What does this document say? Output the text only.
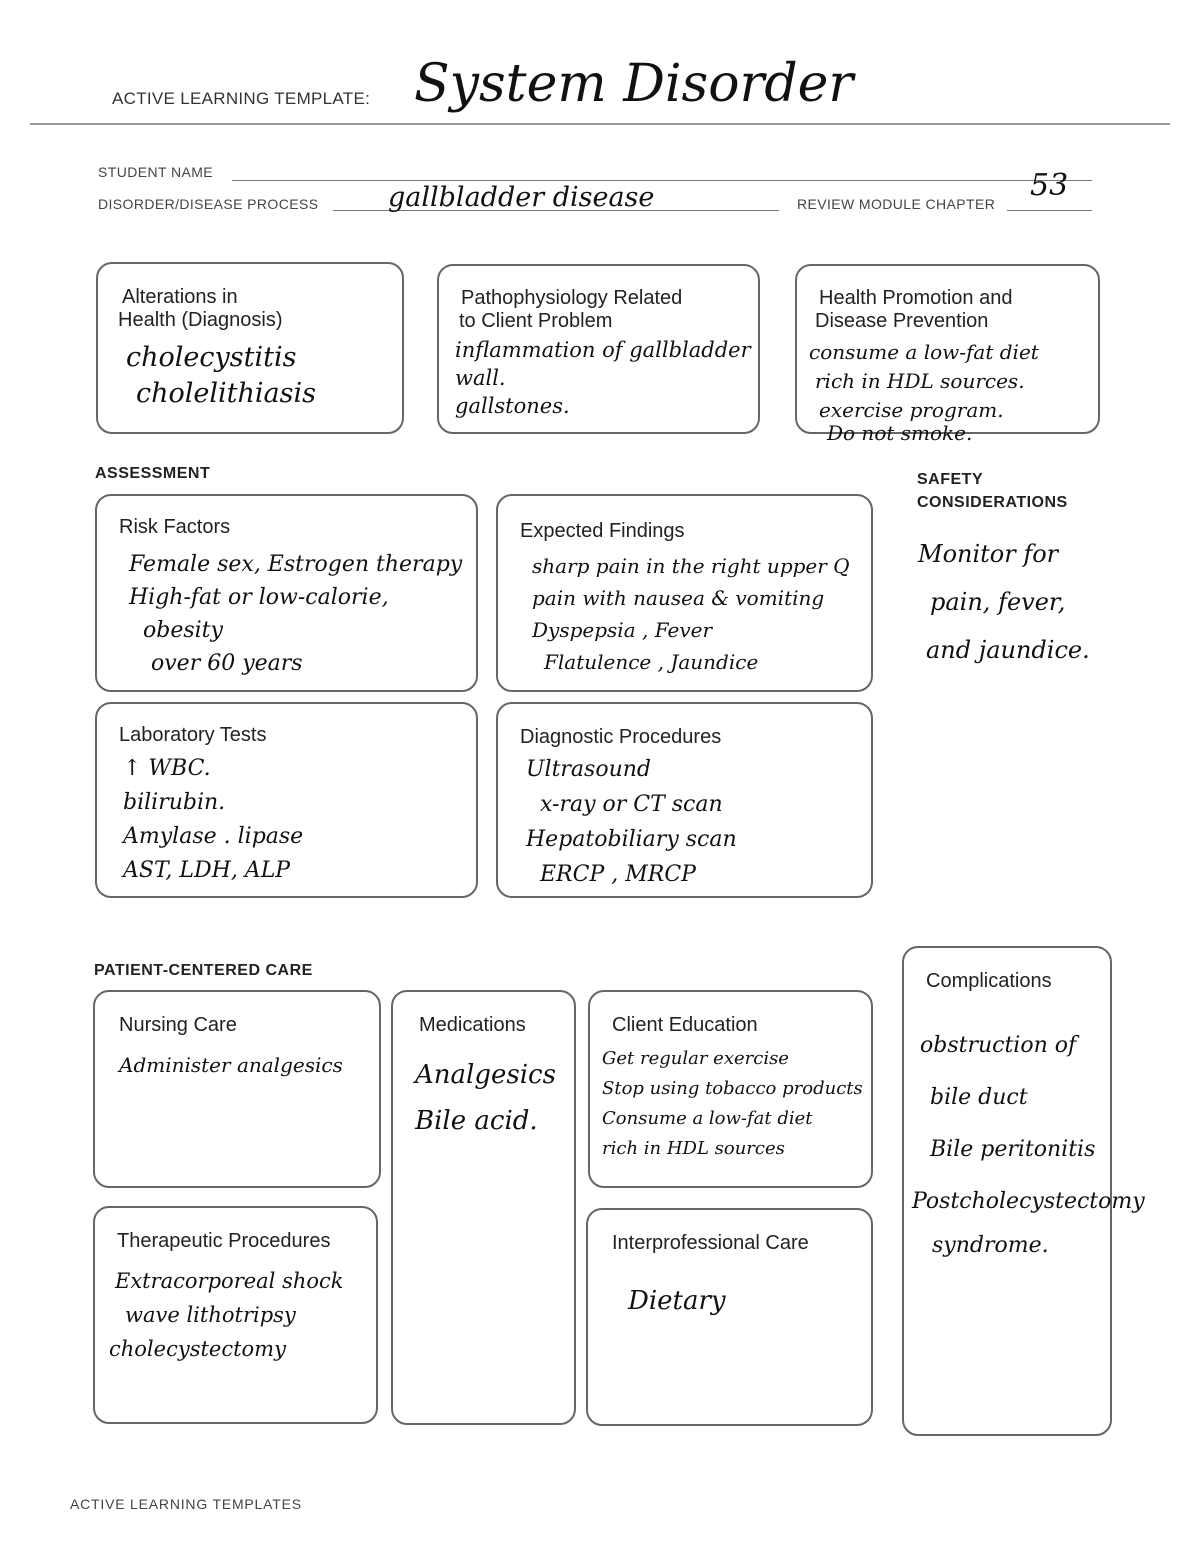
ACTIVE LEARNING TEMPLATE: System Disorder
STUDENT NAME
DISORDER/DISEASE PROCESS	gallbladder disease	REVIEW MODULE CHAPTER
53
Alterations in
Health (Diagnosis)
cholecystitis
cholelithiasis
Pathophysiology Related
to Client Problem
inflammation of gallbladder
wall.
gallstones.
Health Promotion and
Disease Prevention
consume a low-fat diet
rich in HDL sources.
exercise program.
Do not smoke.
ASSESSMENT
Risk Factors
Female sex, Estrogen therapy
High-fat or low-calorie,
obesity
over 60 years
Expected Findings
sharp pain in the right upper Q
pain with nausea & vomiting
Dyspepsia , Fever
Flatulence , Jaundice
SAFETY
CONSIDERATIONS
Monitor for
pain, fever,
and jaundice.
Laboratory Tests
↑ WBC.
bilirubin.
Amylase . lipase
AST, LDH, ALP
Diagnostic Procedures
Ultrasound
x-ray or CT scan
Hepatobiliary scan
ERCP , MRCP
PATIENT-CENTERED CARE
Nursing Care
Administer analgesics
Medications
Analgesics
Bile acid.
Client Education
Get regular exercise
Stop using tobacco products
Consume a low-fat diet
rich in HDL sources
Complications
obstruction of
bile duct
Bile peritonitis
Postcholecystectomy
syndrome.
Therapeutic Procedures
Extracorporeal shock
wave lithotripsy
cholecystectomy
Interprofessional Care
Dietary
ACTIVE LEARNING TEMPLATES
